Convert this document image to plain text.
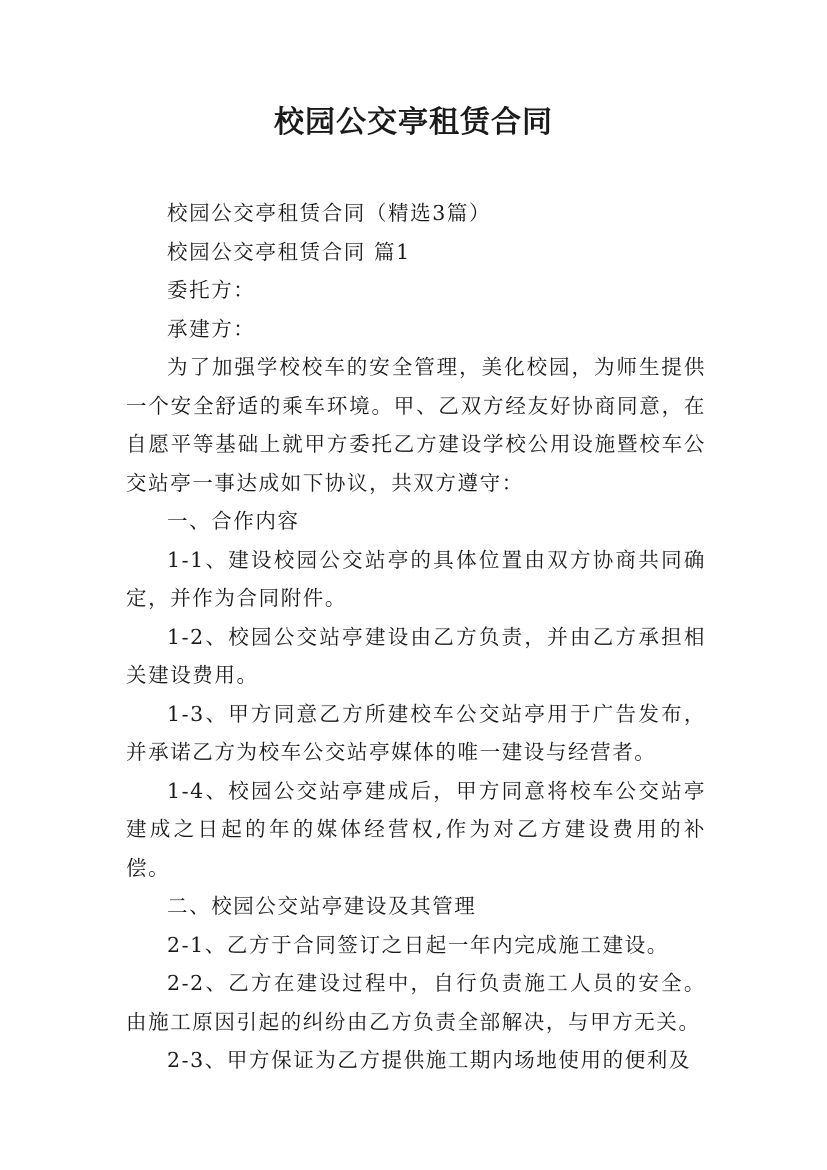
校园公交亭租赁合同

校园公交亭租赁合同（精选3篇）

校园公交亭租赁合同 篇1

委托方：

承建方：

为了加强学校校车的安全管理，美化校园，为师生提供一个安全舒适的乘车环境。甲、乙双方经友好协商同意，在自愿平等基础上就甲方委托乙方建设学校公用设施暨校车公交站亭一事达成如下协议，共双方遵守：

一、合作内容

1-1、建设校园公交站亭的具体位置由双方协商共同确定，并作为合同附件。

1-2、校园公交站亭建设由乙方负责，并由乙方承担相关建设费用。

1-3、甲方同意乙方所建校车公交站亭用于广告发布，并承诺乙方为校车公交站亭媒体的唯一建设与经营者。

1-4、校园公交站亭建成后，甲方同意将校车公交站亭建成之日起的年的媒体经营权,作为对乙方建设费用的补偿。

二、校园公交站亭建设及其管理

2-1、乙方于合同签订之日起一年内完成施工建设。

2-2、乙方在建设过程中，自行负责施工人员的安全。由施工原因引起的纠纷由乙方负责全部解决，与甲方无关。

2-3、甲方保证为乙方提供施工期内场地使用的便利及
